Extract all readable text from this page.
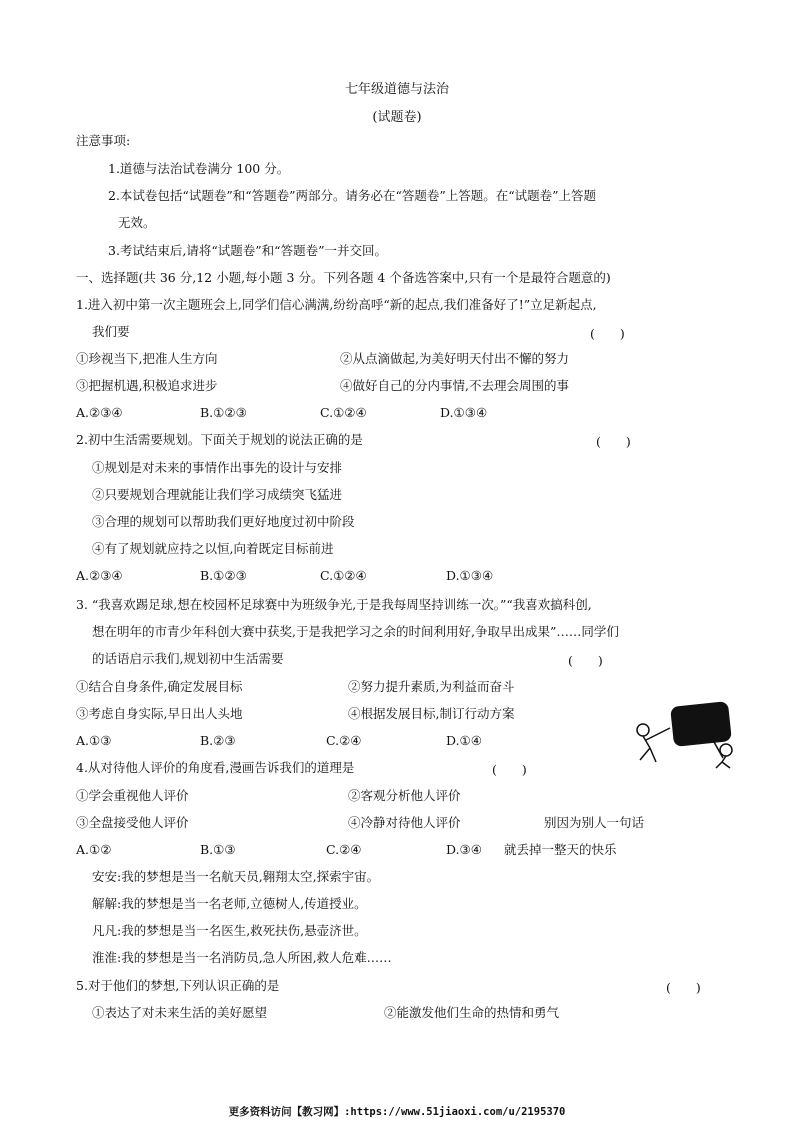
七年级道德与法治
(试题卷)
注意事项:
1.道德与法治试卷满分 100 分。
2.本试卷包括“试题卷”和“答题卷”两部分。请务必在“答题卷”上答题。在“试题卷”上答题
无效。
3.考试结束后,请将“试题卷”和“答题卷”一并交回。
一、选择题(共 36 分,12 小题,每小题 3 分。下列各题 4 个备选答案中,只有一个是最符合题意的)
1.进入初中第一次主题班会上,同学们信心满满,纷纷高呼“新的起点,我们准备好了!”立足新起点,
我们要	(　　)
①珍视当下,把准人生方向	②从点滴做起,为美好明天付出不懈的努力
③把握机遇,积极追求进步	④做好自己的分内事情,不去理会周围的事
A.②③④	B.①②③	C.①②④	D.①③④
2.初中生活需要规划。下面关于规划的说法正确的是	(　　)
①规划是对未来的事情作出事先的设计与安排
②只要规划合理就能让我们学习成绩突飞猛进
③合理的规划可以帮助我们更好地度过初中阶段
④有了规划就应持之以恒,向着既定目标前进
A.②③④	B.①②③	C.①②④	D.①③④
3. “我喜欢踢足球,想在校园杯足球赛中为班级争光,于是我每周坚持训练一次。”“我喜欢搞科创,
想在明年的市青少年科创大赛中获奖,于是我把学习之余的时间利用好,争取早出成果”……同学们
的话语启示我们,规划初中生活需要	(　　)
①结合自身条件,确定发展目标	②努力提升素质,为利益而奋斗
③考虑自身实际,早日出人头地	④根据发展目标,制订行动方案
A.①③	B.②③	C.②④	D.①④
4.从对待他人评价的角度看,漫画告诉我们的道理是	(　　)
①学会重视他人评价	②客观分析他人评价
③全盘接受他人评价	④冷静对待他人评价	别因为别人一句话
A.①②	B.①③	C.②④	D.③④ 就丢掉一整天的快乐
安安:我的梦想是当一名航天员,翱翔太空,探索宇宙。
解解:我的梦想是当一名老师,立德树人,传道授业。
凡凡:我的梦想是当一名医生,救死扶伤,悬壶济世。
淮淮:我的梦想是当一名消防员,急人所困,救人危难……
5.对于他们的梦想,下列认识正确的是	(　　)
①表达了对未来生活的美好愿望	②能激发他们生命的热情和勇气
更多资料访问【教习网】:https://www.51jiaoxi.com/u/2195370
